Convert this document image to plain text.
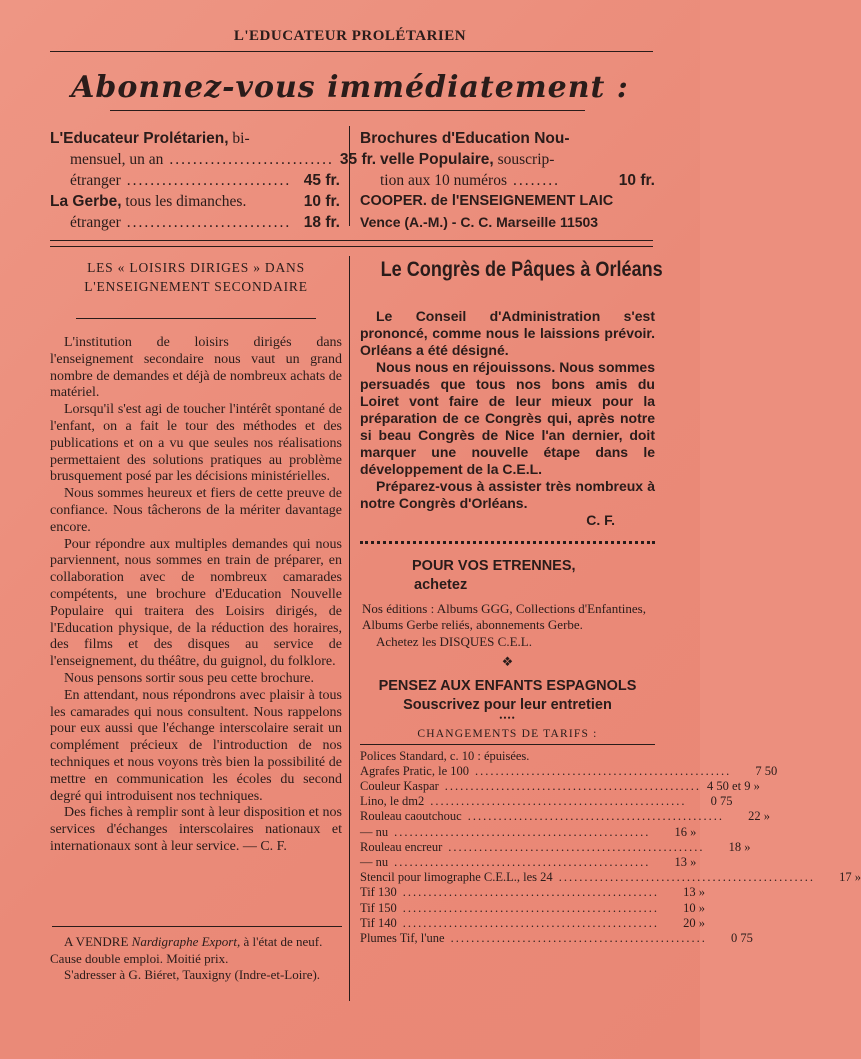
L'EDUCATEUR PROLÉTARIEN
Abonnez-vous immédiatement :
L'Educateur Prolétarien, bi-
mensuel, un an ............................ 35 fr.
étranger ............................ 45 fr.
La Gerbe, tous les dimanches.	10 fr.
étranger ............................ 18 fr.
Brochures d'Education Nou-
velle Populaire, souscrip-
tion aux 10 numéros ........	10 fr.
COOPER. de l'ENSEIGNEMENT LAIC
Vence (A.-M.) - C. C. Marseille 11503
LES « LOISIRS DIRIGES » DANS
L'ENSEIGNEMENT SECONDAIRE

L'institution de loisirs dirigés dans l'enseignement secondaire nous vaut un grand nombre de demandes et déjà de nombreux achats de matériel.

Lorsqu'il s'est agi de toucher l'intérêt spontané de l'enfant, on a fait le tour des méthodes et des publications et on a vu que seules nos réalisations permettaient des solutions pratiques au problème brusquement posé par les décisions ministérielles.

Nous sommes heureux et fiers de cette preuve de confiance. Nous tâcherons de la mériter davantage encore.

Pour répondre aux multiples demandes qui nous parviennent, nous sommes en train de préparer, en collaboration avec de nombreux camarades compétents, une brochure d'Education Nouvelle Populaire qui traitera des Loisirs dirigés, de l'Education physique, de la réduction des horaires, des films et des disques au service de l'enseignement, du théâtre, du guignol, du folklore.

Nous pensons sortir sous peu cette brochure.

En attendant, nous répondrons avec plaisir à tous les camarades qui nous consultent. Nous rappelons pour eux aussi que l'échange interscolaire serait un complément précieux de l'introduction de nos techniques et nous voyons très bien la possibilité de mettre en communication les écoles du second degré qui introduisent nos techniques.

Des fiches à remplir sont à leur disposition et nos services d'échanges interscolaires nationaux et internationaux sont à leur service. — C. F.

A VENDRE Nardigraphe Export, à l'état de neuf. Cause double emploi. Moitié prix.

S'adresser à G. Biéret, Tauxigny (Indre-et-Loire).

Le Congrès de Pâques à Orléans

Le Conseil d'Administration s'est prononcé, comme nous le laissions prévoir. Orléans a été désigné.

Nous nous en réjouissons. Nous sommes persuadés que tous nos bons amis du Loiret vont faire de leur mieux pour la préparation de ce Congrès qui, après notre si beau Congrès de Nice l'an dernier, doit marquer une nouvelle étape dans le développement de la C.E.L.

Préparez-vous à assister très nombreux à notre Congrès d'Orléans.

C. F.
POUR VOS ETRENNES,
achetez
Nos éditions : Albums GGG, Collections d'Enfantines, Albums Gerbe reliés, abonnements Gerbe.
Achetez les DISQUES C.E.L.
❖
PENSEZ AUX ENFANTS ESPAGNOLS
Souscrivez pour leur entretien
••••
CHANGEMENTS DE TARIFS :
Polices Standard, c. 10 : épuisées.
Agrafes Pratic, le 100 ..................................................	7 50
Couleur Kaspar .................................................. 4 50 et 9 »
Lino, le dm2 ..................................................	0 75
Rouleau caoutchouc ..................................................	22 »
— nu ..................................................	16 »
Rouleau encreur ..................................................	18 »
— nu ..................................................	13 »
Stencil pour limographe C.E.L., les 24 ..................................................	17 »
Tif 130 ..................................................	13 »
Tif 150 ..................................................	10 »
Tif 140 ..................................................	20 »
Plumes Tif, l'une ..................................................	0 75
